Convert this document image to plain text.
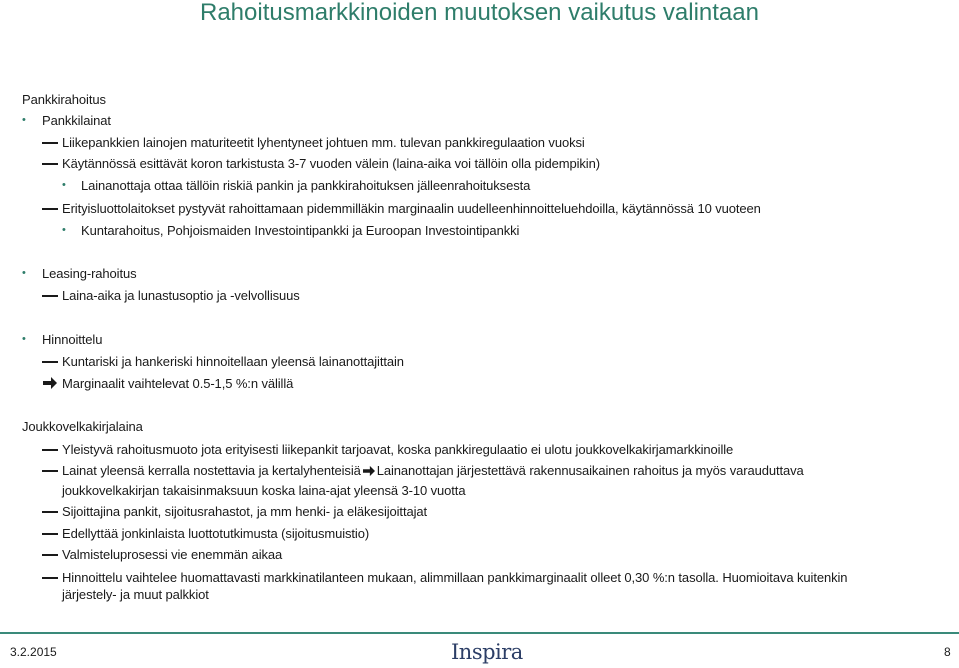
Rahoitusmarkkinoiden muutoksen vaikutus valintaan
Pankkirahoitus
• Pankkilainat
Liikepankkien lainojen maturiteetit lyhentyneet johtuen mm. tulevan pankkiregulaation vuoksi
Käytännössä esittävät koron tarkistusta 3-7 vuoden välein (laina-aika voi tällöin olla pidempikin)
• Lainanottaja ottaa tällöin riskiä pankin ja pankkirahoituksen jälleenrahoituksesta
Erityisluottolaitokset pystyvät rahoittamaan pidemmilläkin marginaalin uudelleenhinnoitteluehdoilla, käytännössä 10 vuoteen
• Kuntarahoitus, Pohjoismaiden Investointipankki ja Euroopan Investointipankki
• Leasing-rahoitus
Laina-aika ja lunastusoptio ja -velvollisuus
• Hinnoittelu
Kuntariski ja hankeriski hinnoitellaan yleensä lainanottajittain
Marginaalit vaihtelevat 0.5-1,5 %:n välillä
Joukkovelkakirjalaina
Yleistyvä rahoitusmuoto jota erityisesti liikepankit tarjoavat, koska pankkiregulaatio ei ulotu joukkovelkakirjamarkkinoille
Lainat yleensä kerralla nostettavia ja kertalyhenteisiä Lainanottajan järjestettävä rakennusaikainen rahoitus ja myös varauduttava
joukkovelkakirjan takaisinmaksuun koska laina-ajat yleensä 3-10 vuotta
Sijoittajina pankit, sijoitusrahastot, ja mm henki- ja eläkesijoittajat
Edellyttää jonkinlaista luottotutkimusta (sijoitusmuistio)
Valmisteluprosessi vie enemmän aikaa
Hinnoittelu vaihtelee huomattavasti markkinatilanteen mukaan, alimmillaan pankkimarginaalit olleet 0,30 %:n tasolla. Huomioitava kuitenkin
järjestely- ja muut palkkiot
3.2.2015	Inspira	8
